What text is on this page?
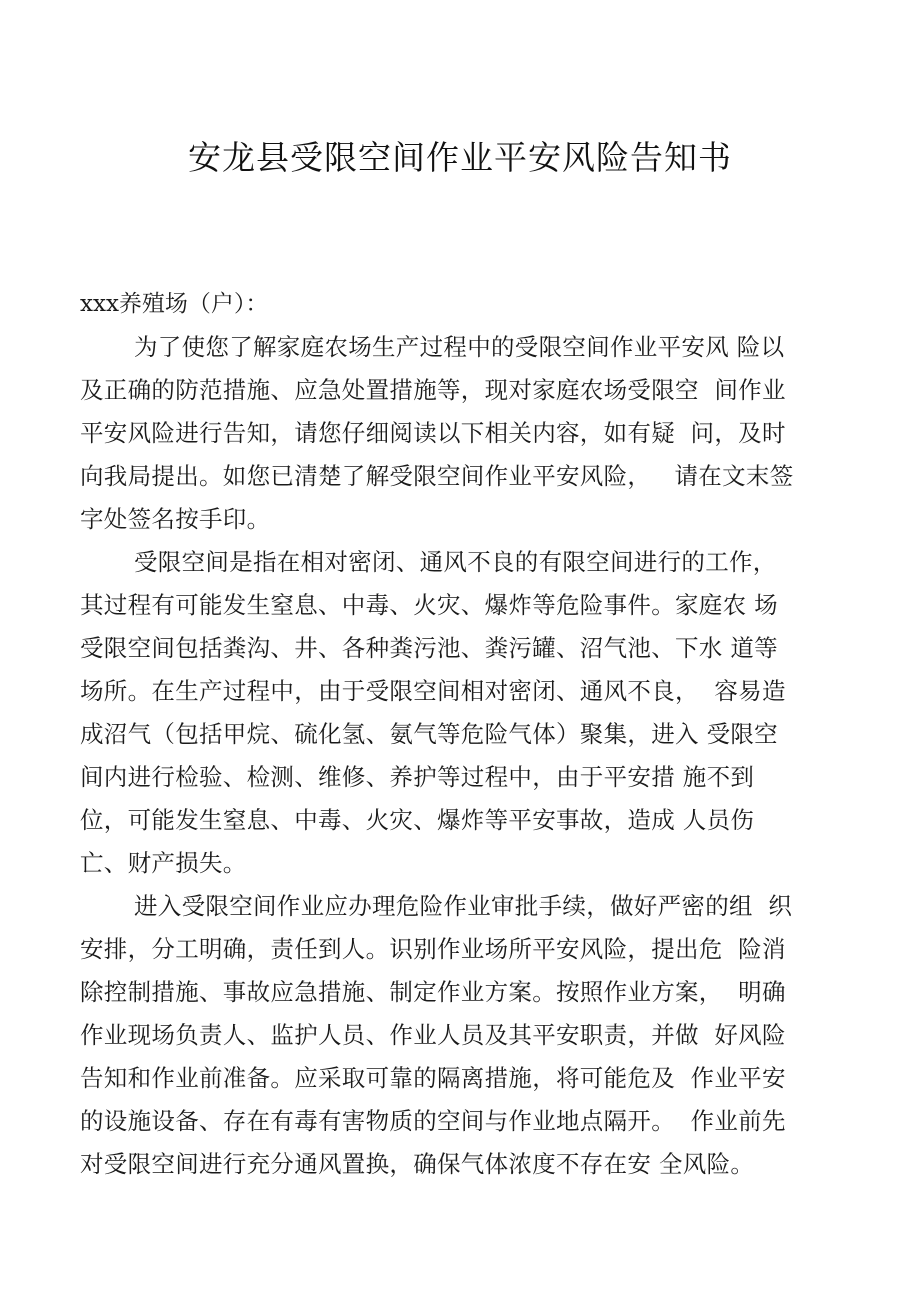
安龙县受限空间作业平安风险告知书
xxx养殖场（户）：
为了使您了解家庭农场生产过程中的受限空间作业平安风 险以
及正确的防范措施、应急处置措施等，现对家庭农场受限空  间作业
平安风险进行告知，请您仔细阅读以下相关内容，如有疑  问，及时
向我局提出。如您已清楚了解受限空间作业平安风险，   请在文末签
字处签名按手印。
受限空间是指在相对密闭、通风不良的有限空间进行的工作，
其过程有可能发生窒息、中毒、火灾、爆炸等危险事件。家庭农 场
受限空间包括粪沟、井、各种粪污池、粪污罐、沼气池、下水 道等
场所。在生产过程中，由于受限空间相对密闭、通风不良，  容易造
成沼气（包括甲烷、硫化氢、氨气等危险气体）聚集，进入 受限空
间内进行检验、检测、维修、养护等过程中，由于平安措 施不到
位，可能发生窒息、中毒、火灾、爆炸等平安事故，造成 人员伤
亡、财产损失。
进入受限空间作业应办理危险作业审批手续，做好严密的组  织
安排，分工明确，责任到人。识别作业场所平安风险，提出危  险消
除控制措施、事故应急措施、制定作业方案。按照作业方案，  明确
作业现场负责人、监护人员、作业人员及其平安职责，并做  好风险
告知和作业前准备。应采取可靠的隔离措施，将可能危及  作业平安
的设施设备、存在有毒有害物质的空间与作业地点隔开。  作业前先
对受限空间进行充分通风置换，确保气体浓度不存在安 全风险。
